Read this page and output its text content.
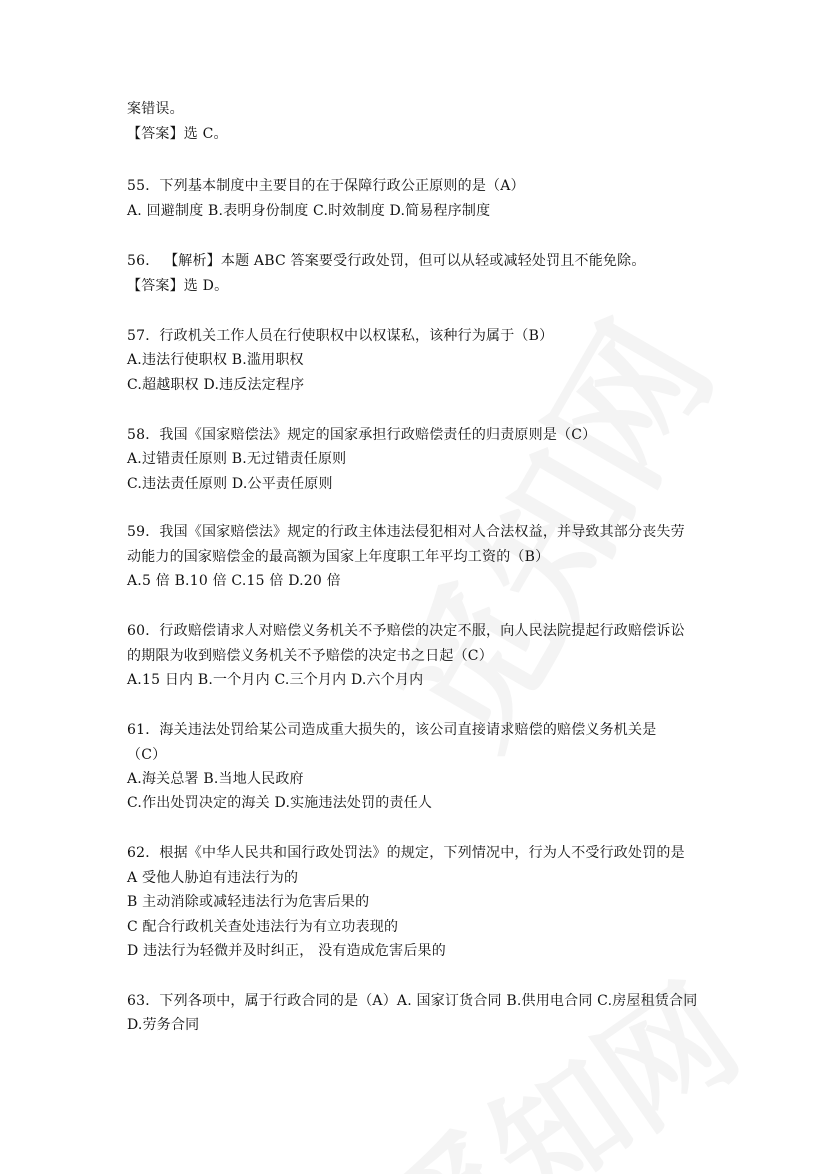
案错误。
【答案】选 C。
55．下列基本制度中主要目的在于保障行政公正原则的是（A）
A. 回避制度 B.表明身份制度 C.时效制度 D.简易程序制度
56． 【解析】本题 ABC 答案要受行政处罚，但可以从轻或减轻处罚且不能免除。
【答案】选 D。
57．行政机关工作人员在行使职权中以权谋私，该种行为属于（B）
A.违法行使职权 B.滥用职权
C.超越职权 D.违反法定程序
58．我国《国家赔偿法》规定的国家承担行政赔偿责任的归责原则是（C）
A.过错责任原则 B.无过错责任原则
C.违法责任原则 D.公平责任原则
59．我国《国家赔偿法》规定的行政主体违法侵犯相对人合法权益，并导致其部分丧失劳
动能力的国家赔偿金的最高额为国家上年度职工年平均工资的（B）
A.5 倍 B.10 倍 C.15 倍 D.20 倍
60．行政赔偿请求人对赔偿义务机关不予赔偿的决定不服，向人民法院提起行政赔偿诉讼
的期限为收到赔偿义务机关不予赔偿的决定书之日起（C）
A.15 日内 B.一个月内 C.三个月内 D.六个月内
61．海关违法处罚给某公司造成重大损失的，该公司直接请求赔偿的赔偿义务机关是
（C）
A.海关总署 B.当地人民政府
C.作出处罚决定的海关 D.实施违法处罚的责任人
62．根据《中华人民共和国行政处罚法》的规定，下列情况中，行为人不受行政处罚的是
A 受他人胁迫有违法行为的
B 主动消除或减轻违法行为危害后果的
C 配合行政机关查处违法行为有立功表现的
D 违法行为轻微并及时纠正， 没有造成危害后果的
63．下列各项中，属于行政合同的是（A）A. 国家订货合同 B.供用电合同 C.房屋租赁合同
D.劳务合同
